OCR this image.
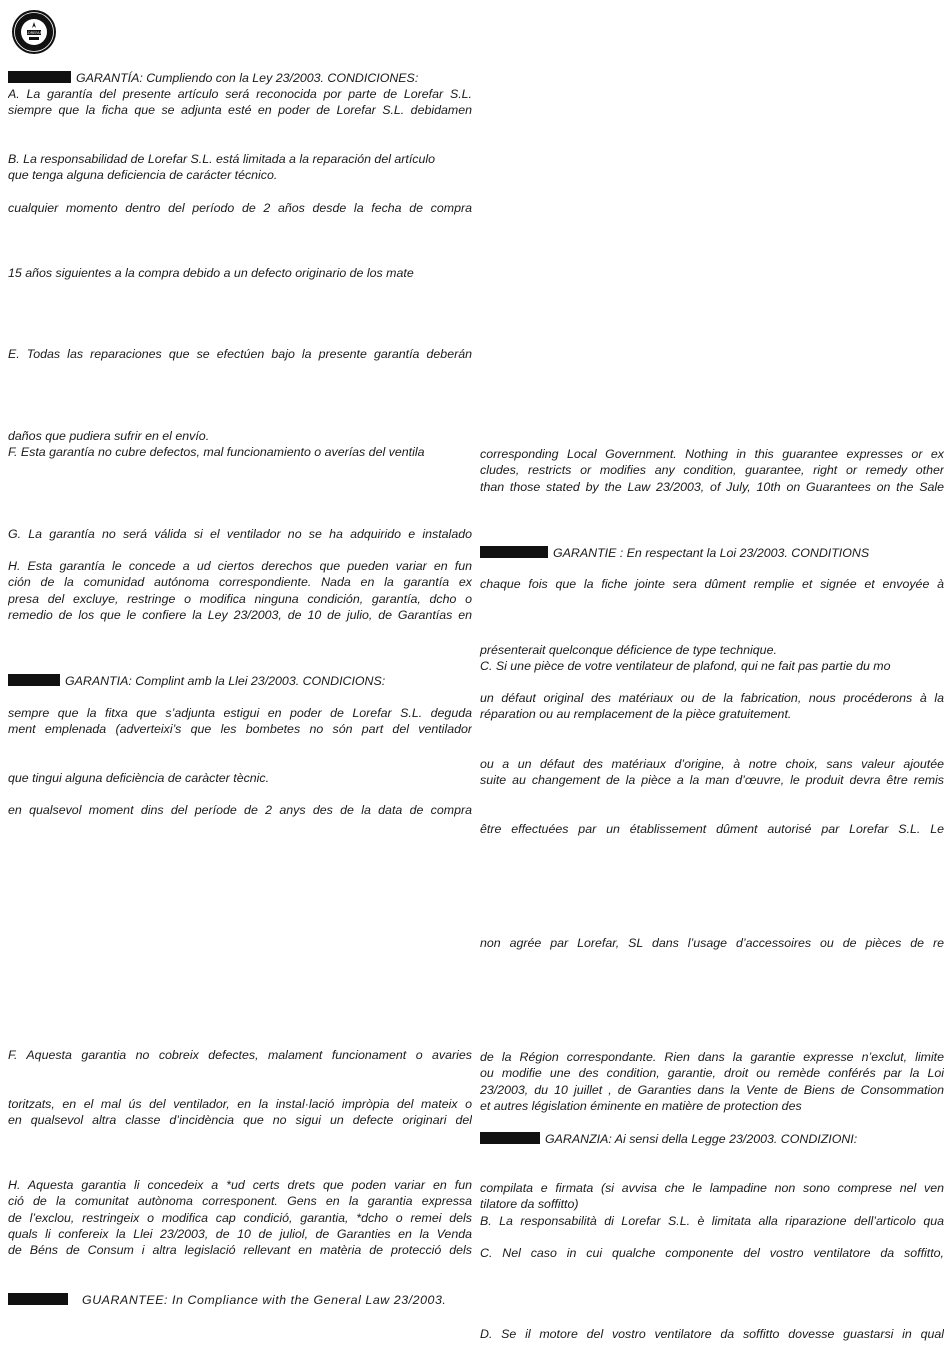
LOREFAR
GARANTÍA: Cumpliendo con la Ley 23/2003. CONDICIONES:
A. La garantía del presente artículo será reconocida por parte de Lorefar S.L.
siempre que la ficha que se adjunta esté en poder de Lorefar S.L. debidamen
B. La responsabilidad de Lorefar S.L. está limitada a la reparación del artículo
que tenga alguna deficiencia de carácter técnico.
cualquier momento dentro del período de 2 años desde la fecha de compra
15 años siguientes a la compra debido a un defecto originario de los mate
E. Todas las reparaciones que se efectúen bajo la presente garantía deberán
daños que pudiera sufrir en el envío.
F. Esta garantía no cubre defectos, mal funcionamiento o averías del ventila
G. La garantía no será válida si el ventilador no se ha adquirido e instalado
H. Esta garantía le concede a ud ciertos derechos que pueden variar en fun
ción de la comunidad autónoma correspondiente. Nada en la garantía ex
presa del excluye, restringe o modifica ninguna condición, garantía, dcho o
remedio de los que le confiere la Ley 23/2003, de 10 de julio, de Garantías en
GARANTIA: Complint amb la Llei 23/2003. CONDICIONS:
sempre que la fitxa que s’adjunta estigui en poder de Lorefar S.L. deguda
ment emplenada (adverteixi’s que les bombetes no són part del ventilador
que tingui alguna deficiència de caràcter tècnic.
en qualsevol moment dins del període de 2 anys des de la data de compra
F. Aquesta garantia no cobreix defectes, malament funcionament o avaries
toritzats, en el mal ús del ventilador, en la instal·lació impròpia del mateix o
en qualsevol altra classe d’incidència que no sigui un defecte originari del
H. Aquesta garantia li concedeix a *ud certs drets que poden variar en fun
ció de la comunitat autònoma corresponent. Gens en la garantia expressa
de l’exclou, restringeix o modifica cap condició, garantia, *dcho o remei dels
quals li confereix la Llei 23/2003, de 10 de juliol, de Garanties en la Venda
de Béns de Consum i altra legislació rellevant en matèria de protecció dels
GUARANTEE: In Compliance with the General Law 23/2003.
corresponding Local Government. Nothing in this guarantee expresses or ex
cludes, restricts or modifies any condition, guarantee, right or remedy other
than those stated by the Law 23/2003, of July, 10th on Guarantees on the Sale
GARANTIE : En respectant la Loi 23/2003. CONDITIONS
chaque fois que la fiche jointe sera dûment remplie et signée et envoyée à
présenterait quelconque déficience de type technique.
C. Si une pièce de votre ventilateur de plafond, qui ne fait pas partie du mo
un défaut original des matériaux ou de la fabrication, nous procéderons à la
réparation ou au remplacement de la pièce gratuitement.
ou a un défaut des matériaux d’origine, à notre choix, sans valeur ajoutée
suite au changement de la pièce a la man d’œuvre, le produit devra être remis
être effectuées par un établissement dûment autorisé par Lorefar S.L. Le
non agrée par Lorefar, SL dans l’usage d’accessoires ou de pièces de re
de la Région correspondante. Rien dans la garantie expresse n’exclut, limite
ou modifie une des condition, garantie, droit ou remède conférés par la Loi
23/2003, du 10 juillet , de Garanties dans la Vente de Biens de Consommation
et autres législation éminente en matière de protection des
GARANZIA: Ai sensi della Legge 23/2003. CONDIZIONI:
compilata e firmata (si avvisa che le lampadine non sono comprese nel ven
tilatore da soffitto)
B. La responsabilità di Lorefar S.L. è limitata alla riparazione dell’articolo qua
C. Nel caso in cui qualche componente del vostro ventilatore da soffitto,
D. Se il motore del vostro ventilatore da soffitto dovesse guastarsi in qual
